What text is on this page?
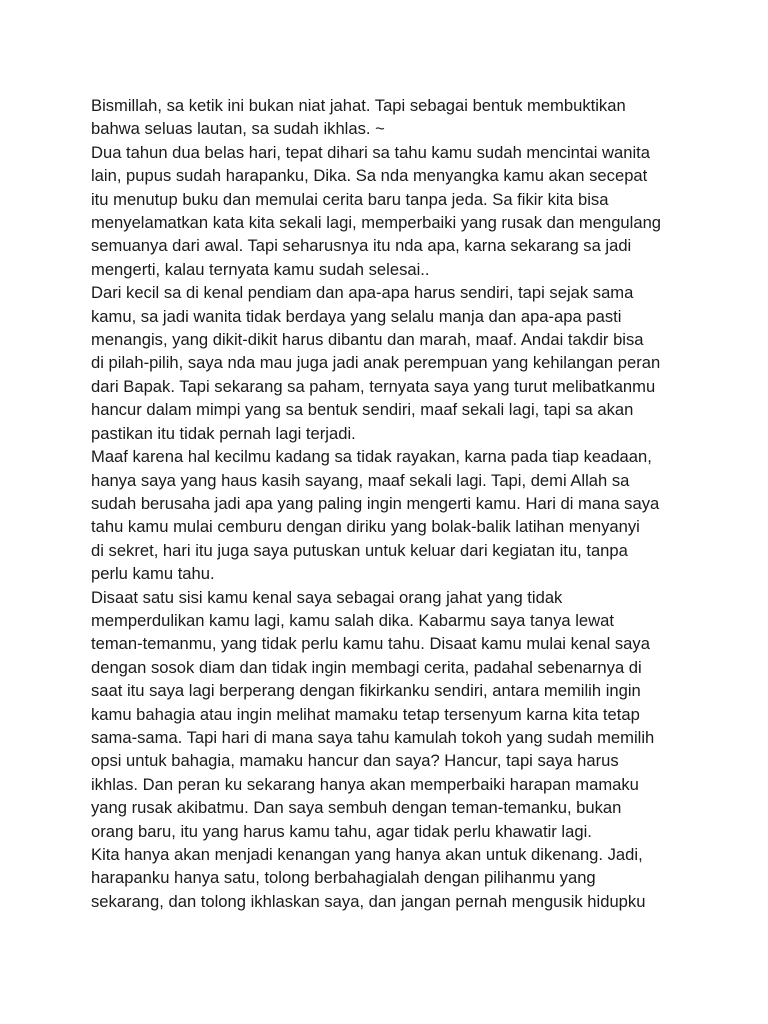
Bismillah, sa ketik ini bukan niat jahat. Tapi sebagai bentuk membuktikan
bahwa seluas lautan, sa sudah ikhlas. ~
Dua tahun dua belas hari, tepat dihari sa tahu kamu sudah mencintai wanita
lain, pupus sudah harapanku, Dika. Sa nda menyangka kamu akan secepat
itu menutup buku dan memulai cerita baru tanpa jeda. Sa fikir kita bisa
menyelamatkan kata kita sekali lagi, memperbaiki yang rusak dan mengulang
semuanya dari awal. Tapi seharusnya itu nda apa, karna sekarang sa jadi
mengerti, kalau ternyata kamu sudah selesai..
Dari kecil sa di kenal pendiam dan apa-apa harus sendiri, tapi sejak sama
kamu, sa jadi wanita tidak berdaya yang selalu manja dan apa-apa pasti
menangis, yang dikit-dikit harus dibantu dan marah, maaf. Andai takdir bisa
di pilah-pilih, saya nda mau juga jadi anak perempuan yang kehilangan peran
dari Bapak. Tapi sekarang sa paham, ternyata saya yang turut melibatkanmu
hancur dalam mimpi yang sa bentuk sendiri, maaf sekali lagi, tapi sa akan
pastikan itu tidak pernah lagi terjadi.
Maaf karena hal kecilmu kadang sa tidak rayakan, karna pada tiap keadaan,
hanya saya yang haus kasih sayang, maaf sekali lagi. Tapi, demi Allah sa
sudah berusaha jadi apa yang paling ingin mengerti kamu. Hari di mana saya
tahu kamu mulai cemburu dengan diriku yang bolak-balik latihan menyanyi
di sekret, hari itu juga saya putuskan untuk keluar dari kegiatan itu, tanpa
perlu kamu tahu.
Disaat satu sisi kamu kenal saya sebagai orang jahat yang tidak
memperdulikan kamu lagi, kamu salah dika. Kabarmu saya tanya lewat
teman-temanmu, yang tidak perlu kamu tahu. Disaat kamu mulai kenal saya
dengan sosok diam dan tidak ingin membagi cerita, padahal sebenarnya di
saat itu saya lagi berperang dengan fikirkanku sendiri, antara memilih ingin
kamu bahagia atau ingin melihat mamaku tetap tersenyum karna kita tetap
sama-sama. Tapi hari di mana saya tahu kamulah tokoh yang sudah memilih
opsi untuk bahagia, mamaku hancur dan saya? Hancur, tapi saya harus
ikhlas. Dan peran ku sekarang hanya akan memperbaiki harapan mamaku
yang rusak akibatmu. Dan saya sembuh dengan teman-temanku, bukan
orang baru, itu yang harus kamu tahu, agar tidak perlu khawatir lagi.
Kita hanya akan menjadi kenangan yang hanya akan untuk dikenang. Jadi,
harapanku hanya satu, tolong berbahagialah dengan pilihanmu yang
sekarang, dan tolong ikhlaskan saya, dan jangan pernah mengusik hidupku
